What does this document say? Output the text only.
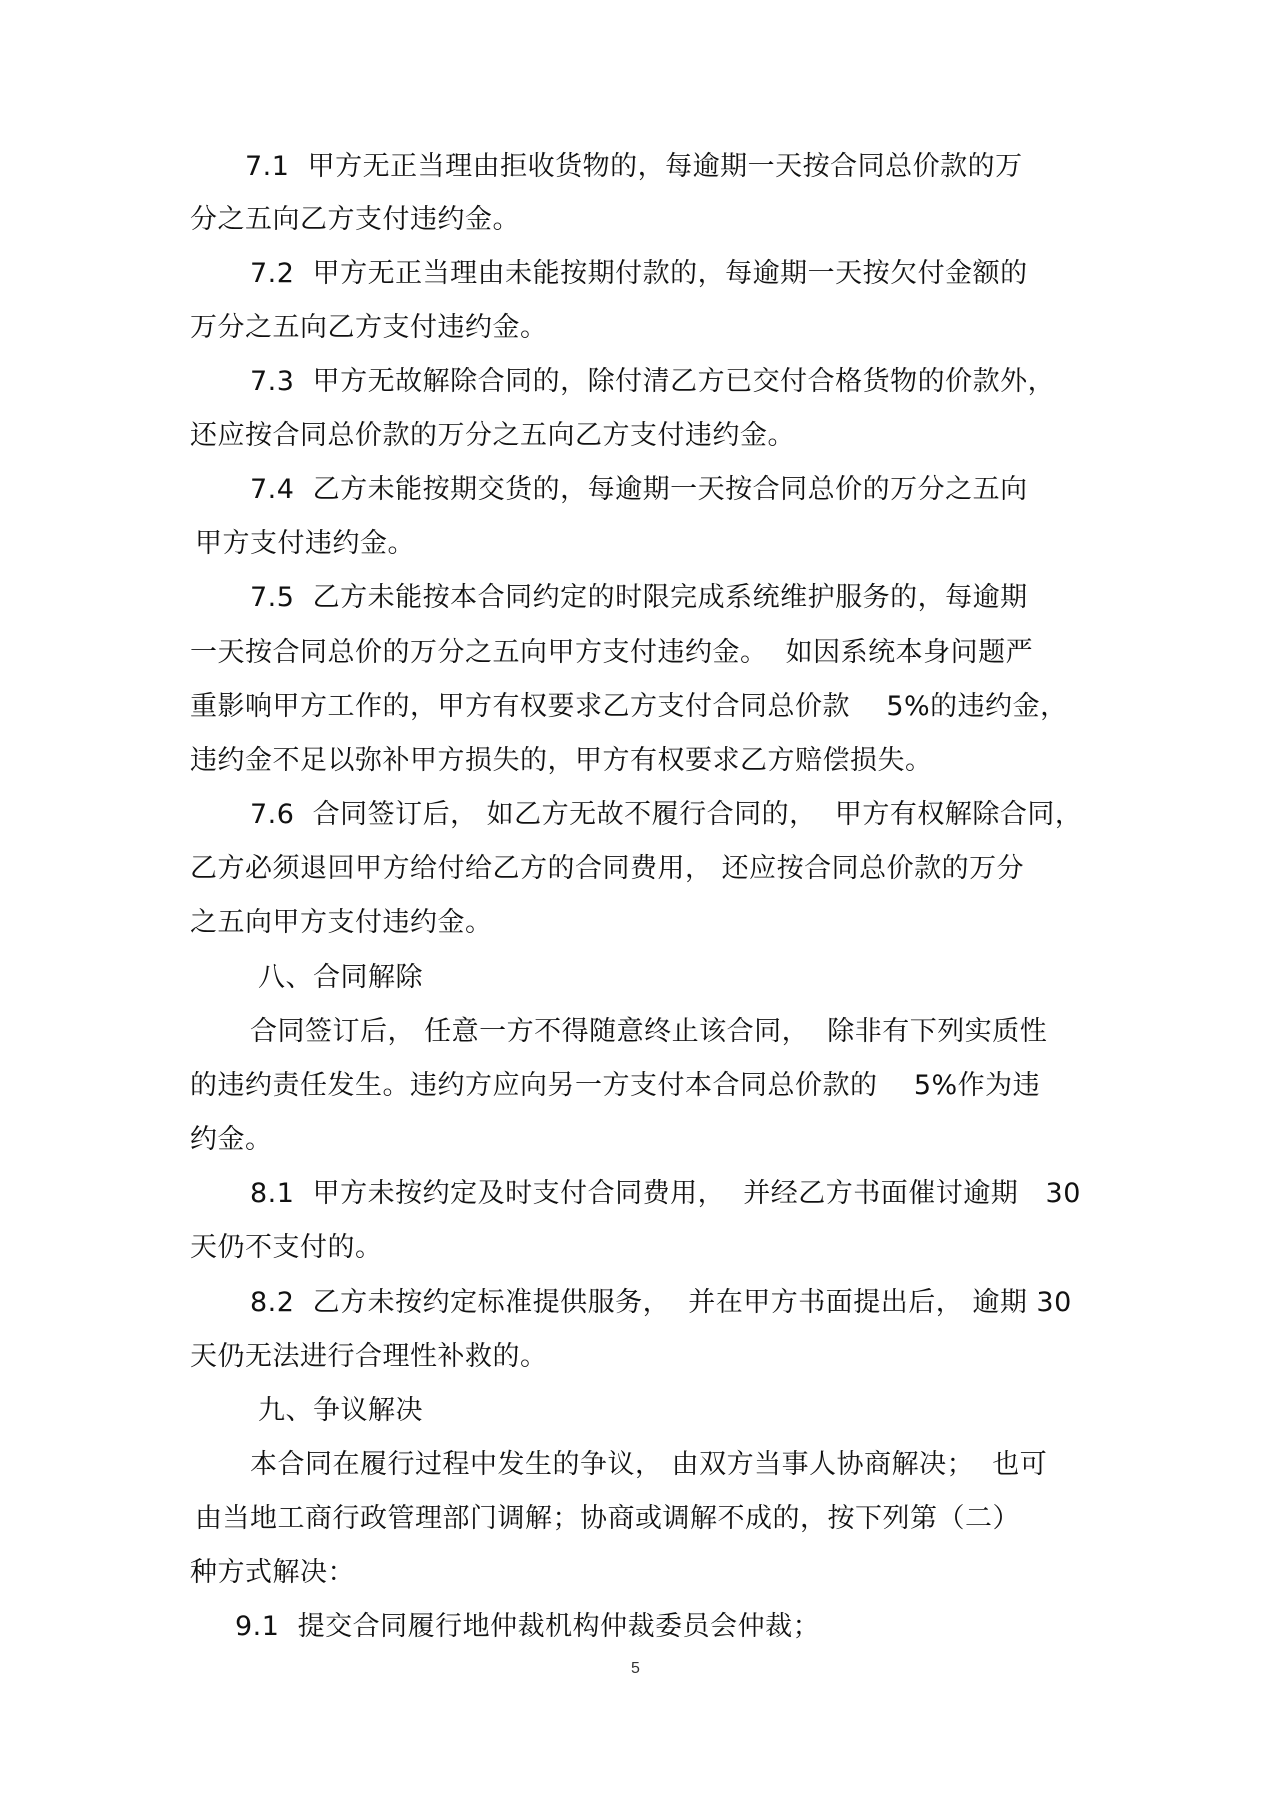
7.1  甲方无正当理由拒收货物的，每逾期一天按合同总价款的万
分之五向乙方支付违约金。
7.2  甲方无正当理由未能按期付款的，每逾期一天按欠付金额的
万分之五向乙方支付违约金。
7.3  甲方无故解除合同的，除付清乙方已交付合格货物的价款外，
还应按合同总价款的万分之五向乙方支付违约金。
7.4  乙方未能按期交货的，每逾期一天按合同总价的万分之五向
甲方支付违约金。
7.5  乙方未能按本合同约定的时限完成系统维护服务的，每逾期
一天按合同总价的万分之五向甲方支付违约金。  如因系统本身问题严
重影响甲方工作的，甲方有权要求乙方支付合同总价款    5%的违约金，
违约金不足以弥补甲方损失的，甲方有权要求乙方赔偿损失。
7.6  合同签订后， 如乙方无故不履行合同的，  甲方有权解除合同，
乙方必须退回甲方给付给乙方的合同费用， 还应按合同总价款的万分
之五向甲方支付违约金。
八、合同解除
合同签订后， 任意一方不得随意终止该合同，  除非有下列实质性
的违约责任发生。违约方应向另一方支付本合同总价款的    5%作为违
约金。
8.1  甲方未按约定及时支付合同费用，  并经乙方书面催讨逾期   30
天仍不支付的。
8.2  乙方未按约定标准提供服务，  并在甲方书面提出后， 逾期 30
天仍无法进行合理性补救的。
九、争议解决
本合同在履行过程中发生的争议， 由双方当事人协商解决；  也可
由当地工商行政管理部门调解；协商或调解不成的，按下列第（二）
种方式解决：
9.1  提交合同履行地仲裁机构仲裁委员会仲裁；
5
